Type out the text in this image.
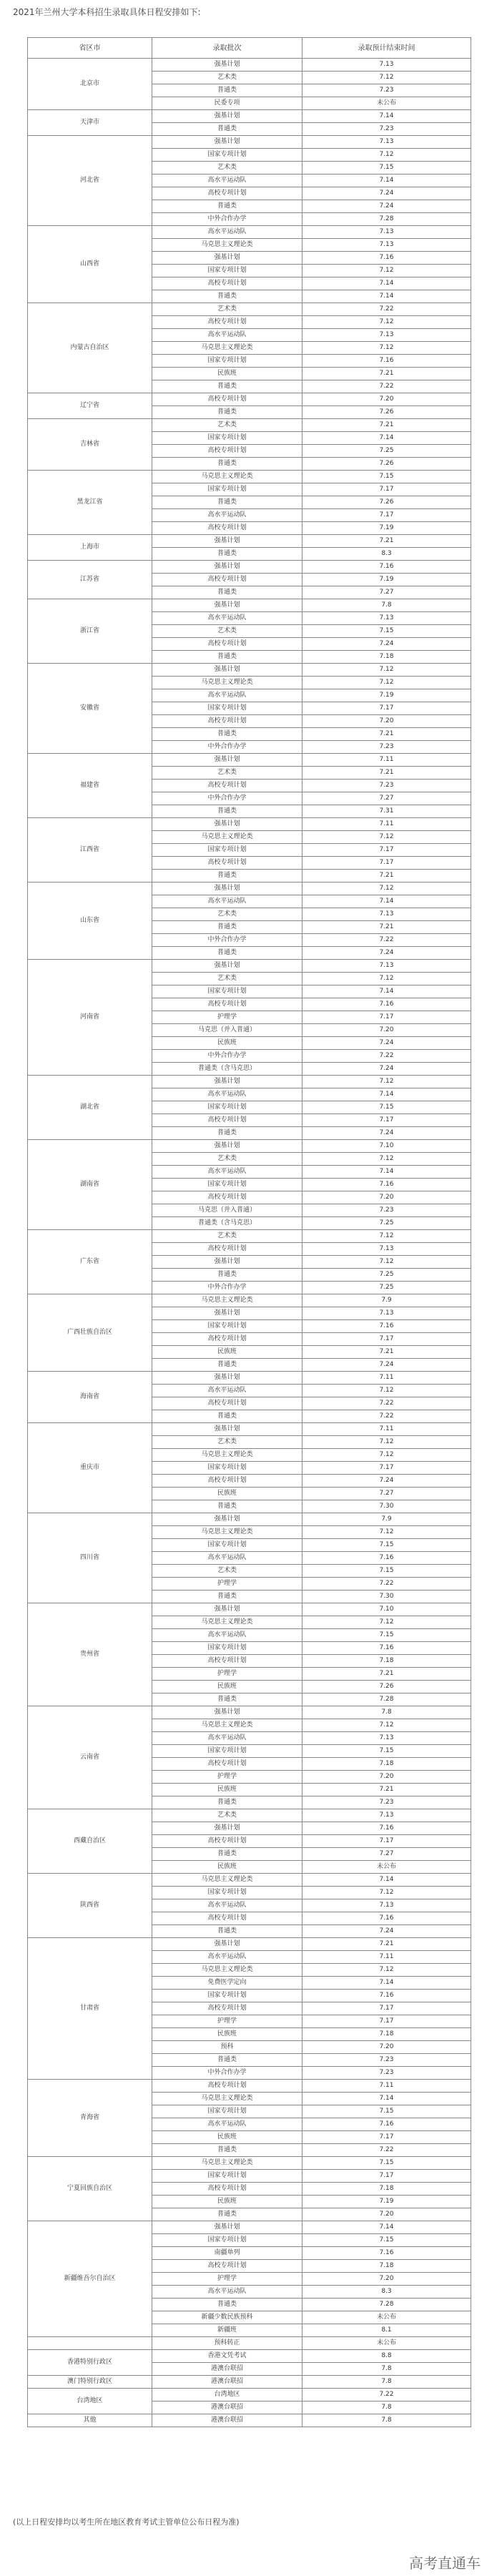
2021年兰州大学本科招生录取具体日程安排如下:
省区市	录取批次	录取预计结束时间
北京市	强基计划	7.13
	艺术类	7.12
	普通类	7.23
	民委专项	未公布
天津市	强基计划	7.14
	普通类	7.23
河北省	强基计划	7.13
	国家专项计划	7.12
	艺术类	7.15
	高水平运动队	7.14
	高校专项计划	7.24
	普通类	7.24
	中外合作办学	7.28
山西省	高水平运动队	7.13
	马克思主义理论类	7.13
	强基计划	7.16
	国家专项计划	7.12
	高校专项计划	7.14
	普通类	7.14
内蒙古自治区	艺术类	7.22
	高校专项计划	7.12
	高水平运动队	7.13
	马克思主义理论类	7.12
	国家专项计划	7.16
	民族班	7.21
	普通类	7.22
辽宁省	高校专项计划	7.20
	普通类	7.26
吉林省	艺术类	7.21
	国家专项计划	7.14
	高校专项计划	7.25
	普通类	7.26
黑龙江省	马克思主义理论类	7.15
	国家专项计划	7.17
	普通类	7.26
	高水平运动队	7.17
	高校专项计划	7.19
上海市	强基计划	7.21
	普通类	8.3
江苏省	强基计划	7.16
	高校专项计划	7.19
	普通类	7.27
浙江省	强基计划	7.8
	高水平运动队	7.13
	艺术类	7.15
	高校专项计划	7.24
	普通类	7.18
安徽省	强基计划	7.12
	马克思主义理论类	7.12
	高水平运动队	7.19
	国家专项计划	7.17
	高校专项计划	7.20
	普通类	7.21
	中外合作办学	7.23
福建省	强基计划	7.11
	艺术类	7.21
	高校专项计划	7.23
	中外合作办学	7.27
	普通类	7.31
江西省	强基计划	7.11
	马克思主义理论类	7.12
	国家专项计划	7.17
	高校专项计划	7.17
	普通类	7.21
山东省	强基计划	7.12
	高水平运动队	7.14
	艺术类	7.13
	普通类	7.21
	中外合作办学	7.22
	普通类	7.24
河南省	强基计划	7.13
	艺术类	7.12
	国家专项计划	7.14
	高校专项计划	7.16
	护理学	7.17
	马克思（并入普通）	7.20
	民族班	7.24
	中外合作办学	7.22
	普通类（含马克思）	7.24
湖北省	强基计划	7.12
	高水平运动队	7.14
	国家专项计划	7.15
	高校专项计划	7.17
	普通类	7.24
湖南省	强基计划	7.10
	艺术类	7.12
	高水平运动队	7.14
	国家专项计划	7.16
	高校专项计划	7.20
	马克思（并入普通）	7.23
	普通类（含马克思）	7.25
广东省	艺术类	7.12
	高校专项计划	7.13
	强基计划	7.12
	普通类	7.25
	中外合作办学	7.25
广西壮族自治区	马克思主义理论类	7.9
	强基计划	7.13
	国家专项计划	7.16
	高校专项计划	7.17
	民族班	7.21
	普通类	7.24
海南省	强基计划	7.11
	高水平运动队	7.12
	高校专项计划	7.22
	普通类	7.22
重庆市	强基计划	7.11
	艺术类	7.12
	马克思主义理论类	7.12
	国家专项计划	7.17
	高校专项计划	7.24
	民族班	7.27
	普通类	7.30
四川省	强基计划	7.9
	马克思主义理论类	7.12
	国家专项计划	7.15
	高水平运动队	7.16
	艺术类	7.15
	护理学	7.22
	普通类	7.30
贵州省	强基计划	7.10
	马克思主义理论类	7.12
	高水平运动队	7.15
	国家专项计划	7.16
	高校专项计划	7.18
	护理学	7.21
	民族班	7.26
	普通类	7.28
云南省	强基计划	7.8
	马克思主义理论类	7.12
	高水平运动队	7.13
	国家专项计划	7.15
	高校专项计划	7.18
	护理学	7.20
	民族班	7.21
	普通类	7.23
西藏自治区	艺术类	7.13
	强基计划	7.16
	高校专项计划	7.17
	普通类	7.27
	民族班	未公布
陕西省	马克思主义理论类	7.14
	国家专项计划	7.12
	高水平运动队	7.13
	高校专项计划	7.16
	普通类	7.24
甘肃省	强基计划	7.21
	高水平运动队	7.11
	马克思主义理论类	7.12
	免费医学定向	7.14
	国家专项计划	7.16
	高校专项计划	7.17
	护理学	7.17
	民族班	7.18
	预科	7.20
	普通类	7.23
	中外合作办学	7.23
青海省	高校专项计划	7.11
	马克思主义理论类	7.14
	国家专项计划	7.15
	高水平运动队	7.16
	民族班	7.17
	普通类	7.22
宁夏回族自治区	马克思主义理论类	7.15
	国家专项计划	7.17
	高校专项计划	7.18
	民族班	7.19
	普通类	7.20
新疆维吾尔自治区	强基计划	7.14
	国家专项计划	7.15
	南疆单列	7.16
	高校专项计划	7.18
	护理学	7.20
	高水平运动队	8.3
	普通类	7.28
	新疆少数民族预科	未公布
	新疆班	8.1
	预科转正	未公布
香港特别行政区	香港文凭考试	8.8
	港澳台联招	7.8
澳门特别行政区	港澳台联招	7.8
台湾地区	台湾地区	7.22
	港澳台联招	7.8
其他	港澳台联招	7.8
(以上日程安排均以考生所在地区教育考试主管单位公布日程为准)
高考直通车
